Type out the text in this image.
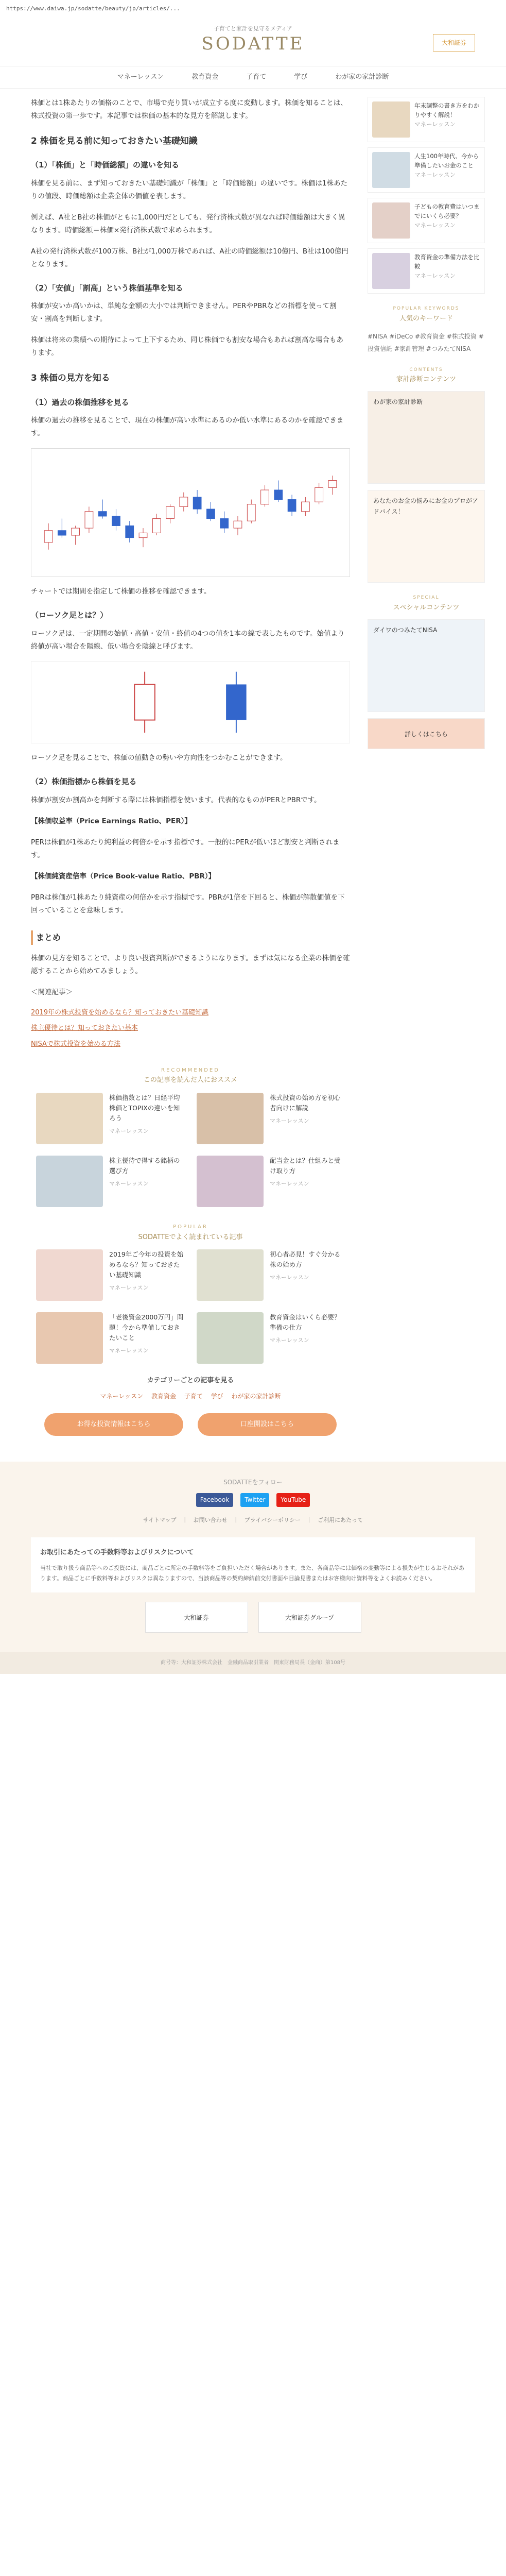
https://www.daiwa.jp/sodatte/beauty/jp/articles/...
子育てと家計を見守るメディア
SODATTE	大和証券
マネーレッスン	教育資金	子育て	学び	わが家の家計診断

株価とは1株あたりの価格のことで、市場で売り買いが成立する度に変動します。株価を知ることは、株式投資の第一歩です。本記事では株価の基本的な見方を解説します。

2 株価を見る前に知っておきたい基礎知識
（1）「株価」と「時価総額」の違いを知る

株価を見る前に、まず知っておきたい基礎知識が「株価」と「時価総額」の違いです。株価は1株あたりの値段、時価総額は企業全体の価値を表します。

例えば、A社とB社の株価がともに1,000円だとしても、発行済株式数が異なれば時価総額は大きく異なります。時価総額＝株価×発行済株式数で求められます。

A社の発行済株式数が100万株、B社が1,000万株であれば、A社の時価総額は10億円、B社は100億円となります。

（2）「安値」「割高」という株価基準を知る

株価が安いか高いかは、単純な金額の大小では判断できません。PERやPBRなどの指標を使って割安・割高を判断します。

株価は将来の業績への期待によって上下するため、同じ株価でも割安な場合もあれば割高な場合もあります。

3 株価の見方を知る
（1）過去の株価推移を見る

株価の過去の推移を見ることで、現在の株価が高い水準にあるのか低い水準にあるのかを確認できます。

チャートでは期間を指定して株価の推移を確認できます。

（ローソク足とは？）

ローソク足は、一定期間の始値・高値・安値・終値の4つの値を1本の線で表したものです。始値より終値が高い場合を陽線、低い場合を陰線と呼びます。

ローソク足を見ることで、株価の値動きの勢いや方向性をつかむことができます。

（2）株価指標から株価を見る

株価が割安か割高かを判断する際には株価指標を使います。代表的なものがPERとPBRです。

【株価収益率（Price Earnings Ratio、PER）】

PERは株価が1株あたり純利益の何倍かを示す指標です。一般的にPERが低いほど割安と判断されます。

【株価純資産倍率（Price Book-value Ratio、PBR）】

PBRは株価が1株あたり純資産の何倍かを示す指標です。PBRが1倍を下回ると、株価が解散価値を下回っていることを意味します。

まとめ

株価の見方を知ることで、より良い投資判断ができるようになります。まずは気になる企業の株価を確認することから始めてみましょう。

＜関連記事＞

2019年の株式投資を始めるなら？知っておきたい基礎知識
株主優待とは？知っておきたい基本
NISAで株式投資を始める方法
RECOMMENDED
この記事を読んだ人におススメ
株価指数とは？日経平均株価とTOPIXの違いを知ろう
マネーレッスン
株式投資の始め方を初心者向けに解説
マネーレッスン
株主優待で得する銘柄の選び方
マネーレッスン
配当金とは？仕組みと受け取り方
マネーレッスン
POPULAR
SODATTEでよく読まれている記事
2019年ご今年の投資を始めるなら？知っておきたい基礎知識
マネーレッスン
初心者必見！すぐ分かる株の始め方
マネーレッスン
「老後資金2000万円」問題！今から準備しておきたいこと
マネーレッスン
教育資金はいくら必要？準備の仕方
マネーレッスン
カテゴリーごとの記事を見る
マネーレッスン　 教育資金　 子育て　 学び　 わが家の家計診断
お得な投資情報はこちら	口座開設はこちら
年末調整の書き方をわかりやすく解説！
マネーレッスン
人生100年時代、今から準備したいお金のこと
マネーレッスン
子どもの教育費はいつまでにいくら必要？
マネーレッスン
教育資金の準備方法を比較
マネーレッスン
POPULAR KEYWORDS
人気のキーワード
#NISA #iDeCo #教育資金 #株式投資 #投資信託 #家計管理 #つみたてNISA
CONTENTS
家計診断コンテンツ
わが家の家計診断
あなたのお金の悩みにお金のプロがアドバイス！
SPECIAL
スペシャルコンテンツ
ダイワのつみたてNISA
詳しくはこちら
SODATTEをフォロー
Facebook	Twitter	YouTube
サイトマップ　｜　お問い合わせ　｜　プライバシーポリシー　｜　ご利用にあたって
お取引にあたっての手数料等およびリスクについて
当社で取り扱う商品等へのご投資には、商品ごとに所定の手数料等をご負担いただく場合があります。また、各商品等には価格の変動等による損失が生じるおそれがあります。商品ごとに手数料等およびリスクは異なりますので、当該商品等の契約締結前交付書面や目論見書またはお客様向け資料等をよくお読みください。
大和証券	大和証券グループ
商号等：大和証券株式会社　金融商品取引業者　関東財務局長（金商）第108号
